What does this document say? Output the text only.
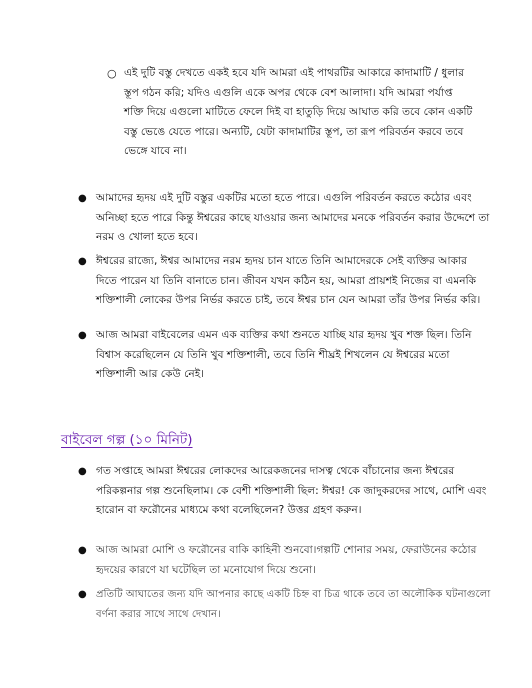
○ এই দুটি বস্তু দেখতে একই হবে যদি আমরা এই পাথরটির আকারে কাদামাটি / ধুলার স্তূপ গঠন করি; যদিও এগুলি একে অপর থেকে বেশ আলাদা। যদি আমরা পর্যাপ্ত শক্তি দিয়ে এগুলো মাটিতে ফেলে দিই বা হাতুড়ি দিয়ে আঘাত করি তবে কোন একটি বস্তু ভেঙে যেতে পারে। অন্যটি, যেটা কাদামাটির স্তূপ, তা রূপ পরিবর্তন করবে তবে ভেঙ্গে যাবে না।

● আমাদের হৃদয় এই দুটি বস্তুর একটির মতো হতে পারে। এগুলি পরিবর্তন করতে কঠোর এবং অনিচ্ছা হতে পারে কিন্তু ঈশ্বরের কাছে যাওয়ার জন্য আমাদের মনকে পরিবর্তন করার উদ্দেশে তা নরম ও খোলা হতে হবে।

● ঈশ্বরের রাজ্যে, ঈশ্বর আমাদের নরম হৃদয় চান যাতে তিনি আমাদেরকে সেই ব্যক্তির আকার দিতে পারেন যা তিনি বানাতে চান। জীবন যখন কঠিন হয়, আমরা প্রায়শই নিজের বা এমনকি শক্তিশালী লোকের উপর নির্ভর করতে চাই, তবে ঈশ্বর চান যেন আমরা তাঁর উপর নির্ভর করি।

● আজ আমরা বাইবেলের এমন এক ব্যক্তির কথা শুনতে যাচ্ছি যার হৃদয় খুব শক্ত ছিল। তিনি বিশ্বাস করেছিলেন যে তিনি খুব শক্তিশালী, তবে তিনি শীঘ্রই শিখলেন যে ঈশ্বরের মতো শক্তিশালী আর কেউ নেই।

বাইবেল গল্প (১০ মিনিট)
● গত সপ্তাহে আমরা ঈশ্বরের লোকদের আরেকজনের দাসত্ব থেকে বাঁচানোর জন্য ঈশ্বরের পরিকল্পনার গল্প শুনেছিলাম। কে বেশী শক্তিশালী ছিল: ঈশ্বর! কে জাদুকরদের সাথে, মোশি এবং হারোন বা ফরৌনের মাধ্যমে কথা বলেছিলেন? উত্তর গ্রহণ করুন।

● আজ আমরা মোশি ও ফরৌনের বাকি কাহিনী শুনবো।গল্পটি শোনার সময়, ফেরাউনের কঠোর হৃদয়ের কারণে যা ঘটেছিল তা মনোযোগ দিয়ে শুনো।

● প্রতিটি আঘাতের জন্য যদি আপনার কাছে একটি চিহ্ন বা চিত্র থাকে তবে তা অলৌকিক ঘটনাগুলো বর্ণনা করার সাথে সাথে দেখান।
